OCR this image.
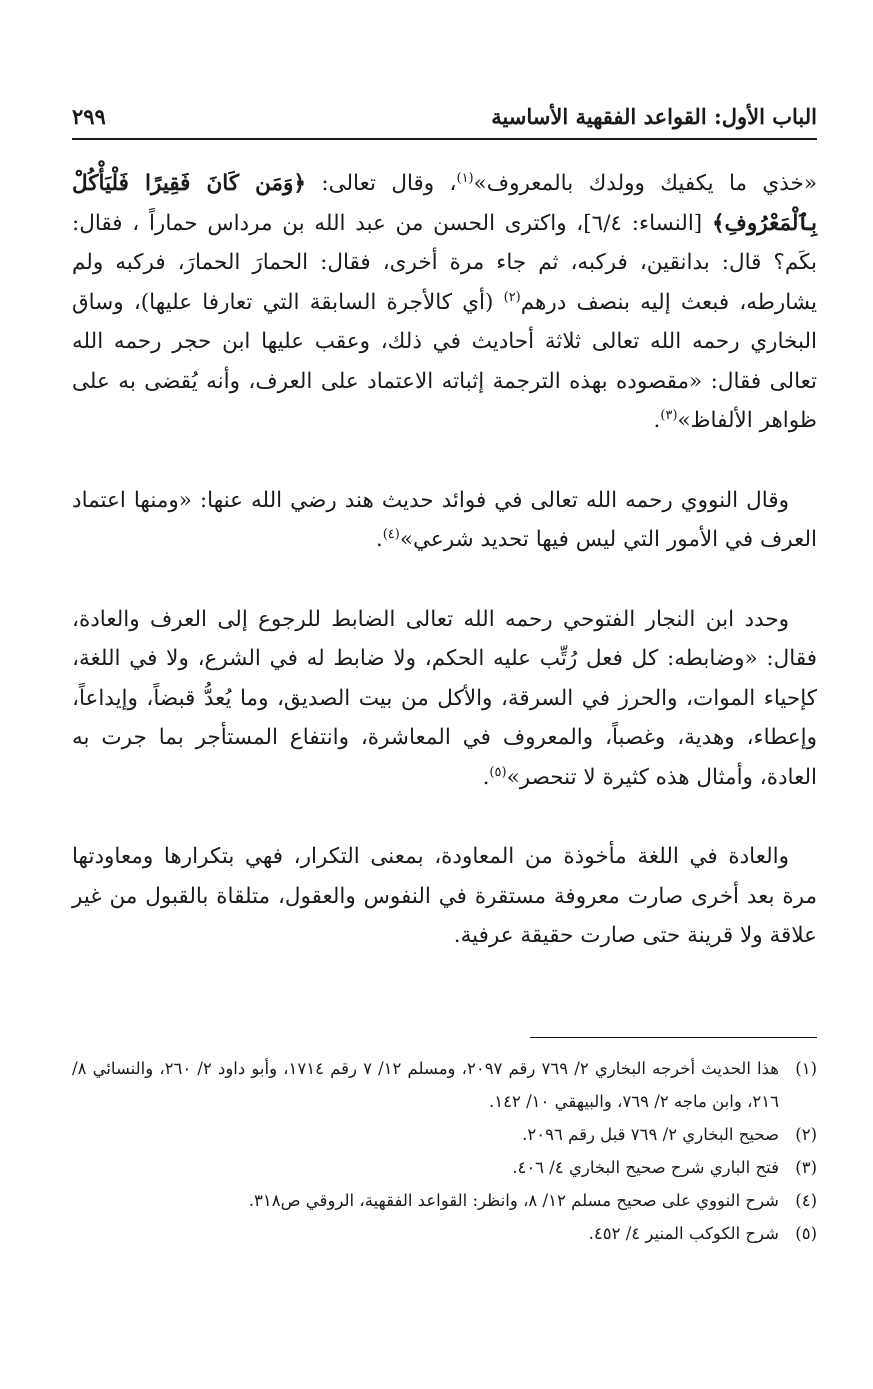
الباب الأول: القواعد الفقهية الأساسية
٢٩٩

«خذي ما يكفيك وولدك بالمعروف»$^{(١)}$، وقال تعالى: ﴿وَمَن كَانَ فَقِيرًا فَلْيَأْكُلْ بِٱلْمَعْرُوفِ﴾ [النساء: ٦/٤]، واكترى الحسن من عبد الله بن مرداس حماراً ، فقال: بكَم؟ قال: بدانقين، فركبه، ثم جاء مرة أخرى، فقال: الحمارَ الحمارَ، فركبه ولم يشارطه، فبعث إليه بنصف درهم$^{(٢)}$ (أي كالأجرة السابقة التي تعارفا عليها)، وساق البخاري رحمه الله تعالى ثلاثة أحاديث في ذلك، وعقب عليها ابن حجر رحمه الله تعالى فقال: «مقصوده بهذه الترجمة إثباته الاعتماد على العرف، وأنه يُقضى به على ظواهر الألفاظ»$^{(٣)}$.

وقال النووي رحمه الله تعالى في فوائد حديث هند رضي الله عنها: «ومنها اعتماد العرف في الأمور التي ليس فيها تحديد شرعي»$^{(٤)}$.

وحدد ابن النجار الفتوحي رحمه الله تعالى الضابط للرجوع إلى العرف والعادة، فقال: «وضابطه: كل فعل رُتِّب عليه الحكم، ولا ضابط له في الشرع، ولا في اللغة، كإحياء الموات، والحرز في السرقة، والأكل من بيت الصديق، وما يُعدُّ قبضاً، وإيداعاً، وإعطاء، وهدية، وغصباً، والمعروف في المعاشرة، وانتفاع المستأجر بما جرت به العادة، وأمثال هذه كثيرة لا تنحصر»$^{(٥)}$.

والعادة في اللغة مأخوذة من المعاودة، بمعنى التكرار، فهي بتكرارها ومعاودتها مرة بعد أخرى صارت معروفة مستقرة في النفوس والعقول، متلقاة بالقبول من غير علاقة ولا قرينة حتى صارت حقيقة عرفية.

(١)
هذا الحديث أخرجه البخاري ٢/ ٧٦٩ رقم ٢٠٩٧، ومسلم ١٢/ ٧ رقم ١٧١٤، وأبو داود ٢/ ٢٦٠، والنسائي ٨/ ٢١٦، وابن ماجه ٢/ ٧٦٩، والبيهقي ١٠/ ١٤٢.
(٢)
صحيح البخاري ٢/ ٧٦٩ قبل رقم ٢٠٩٦.
(٣)
فتح الباري شرح صحيح البخاري ٤/ ٤٠٦.
(٤)
شرح النووي على صحيح مسلم ١٢/ ٨، وانظر: القواعد الفقهية، الروقي ص٣١٨.
(٥)
شرح الكوكب المنير ٤/ ٤٥٢.
